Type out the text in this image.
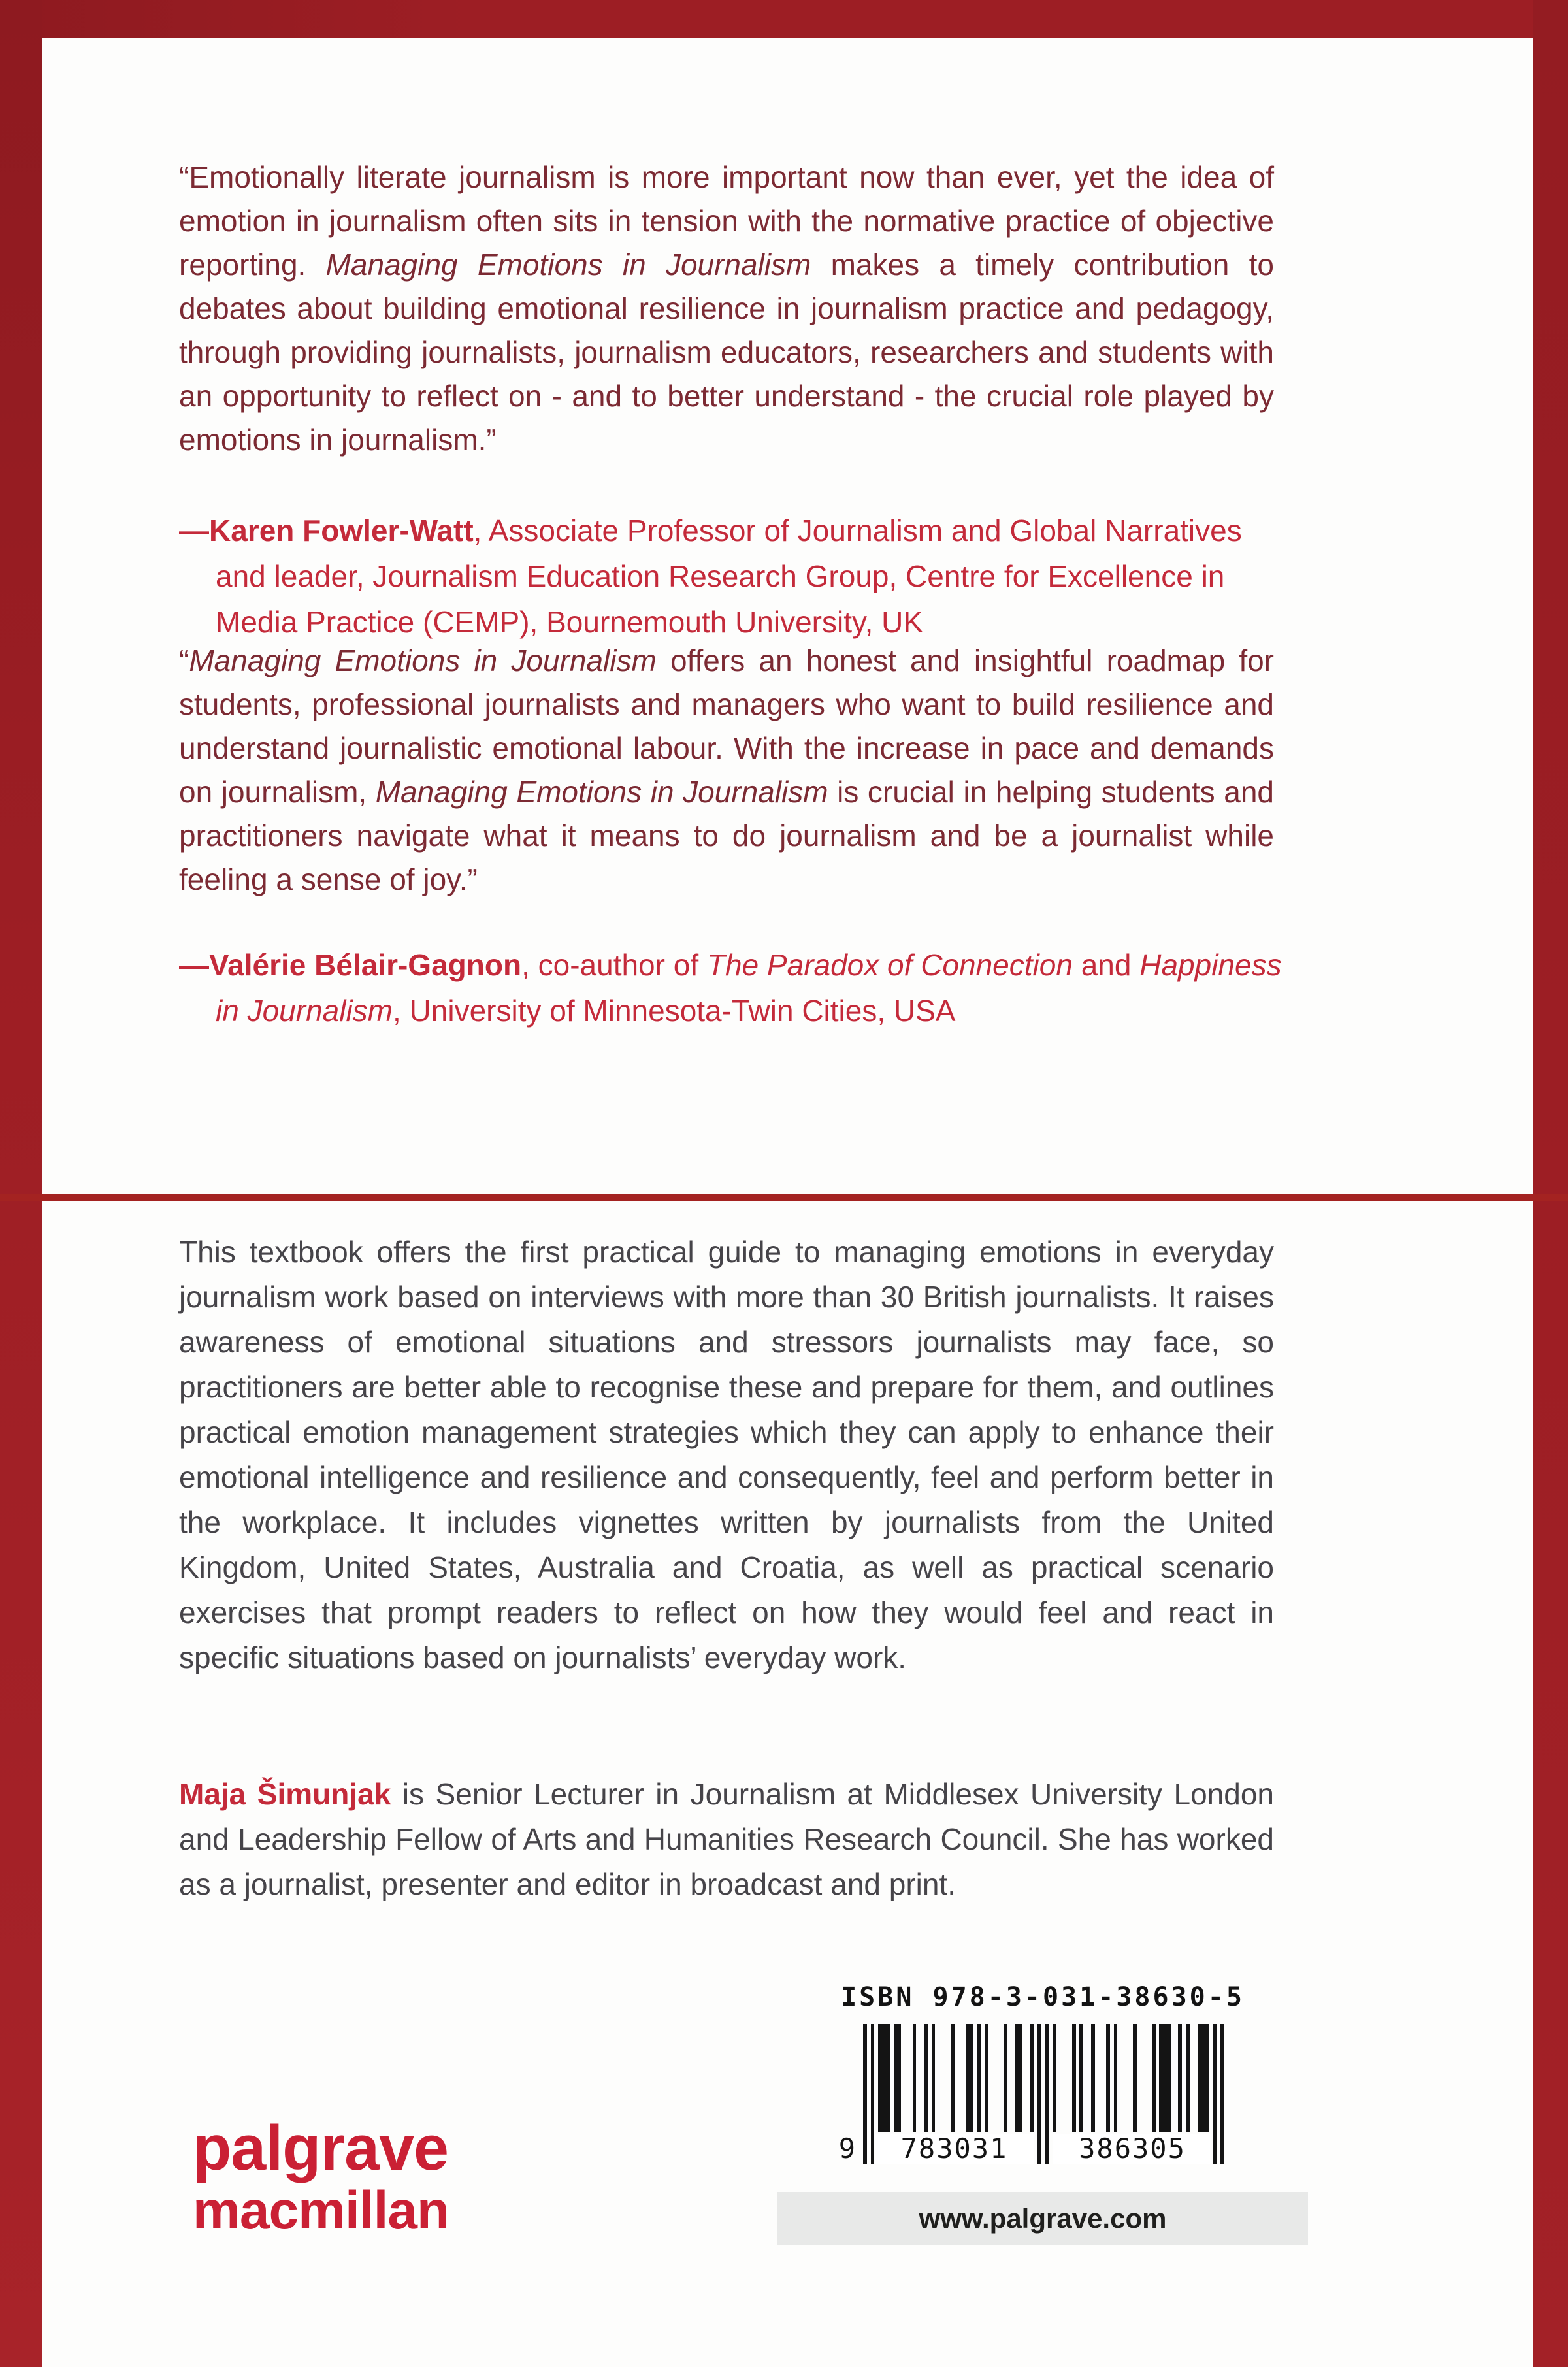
“Emotionally literate journalism is more important now than ever, yet the idea of emotion in journalism often sits in tension with the normative practice of objective reporting. Managing Emotions in Journalism makes a timely contribution to debates about building emotional resilience in journalism practice and pedagogy, through providing journalists, journalism educators, researchers and students with an opportunity to reflect on - and to better understand - the crucial role played by emotions in journalism.”

—Karen Fowler-Watt, Associate Professor of Journalism and Global Narratives and leader, Journalism Education Research Group, Centre for Excellence in Media Practice (CEMP), Bournemouth University, UK

“Managing Emotions in Journalism offers an honest and insightful roadmap for students, professional journalists and managers who want to build resilience and understand journalistic emotional labour. With the increase in pace and demands on journalism, Managing Emotions in Journalism is crucial in helping students and practitioners navigate what it means to do journalism and be a journalist while feeling a sense of joy.”

—Valérie Bélair-Gagnon, co-author of The Paradox of Connection and Happiness in Journalism, University of Minnesota-Twin Cities, USA

This textbook offers the first practical guide to managing emotions in everyday journalism work based on interviews with more than 30 British journalists. It raises awareness of emotional situations and stressors journalists may face, so practitioners are better able to recognise these and prepare for them, and outlines practical emotion management strategies which they can apply to enhance their emotional intelligence and resilience and consequently, feel and perform better in the workplace. It includes vignettes written by journalists from the United Kingdom, United States, Australia and Croatia, as well as practical scenario exercises that prompt readers to reflect on how they would feel and react in specific situations based on journalists’ everyday work.
Maja Šimunjak is Senior Lecturer in Journalism at Middlesex University London and Leadership Fellow of Arts and Humanities Research Council. She has worked as a journalist, presenter and editor in broadcast and print.
palgrave
macmillan
ISBN 978-3-031-38630-5
9	783031	386305
www.palgrave.com
